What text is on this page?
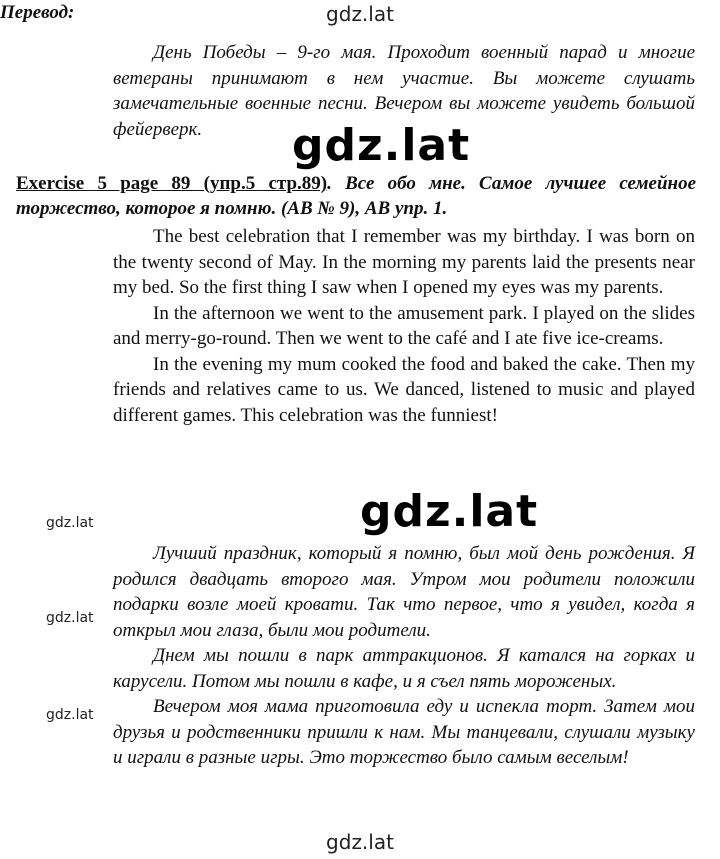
gdz.lat

День Победы – 9-го мая. Проходит военный парад и многие ветераны принимают в нем участие. Вы можете слушать замечательные военные песни. Вечером вы можете увидеть большой фейерверк.	gdz.lat
Exercise 5 page 89 (упр.5 стр.89). Все обо мне. Самое лучшее семейное торжество, которое я помню. (АВ № 9), АВ упр. 1.

The best celebration that I remember was my birthday. I was born on the twenty second of May. In the morning my parents laid the presents near my bed. So the first thing I saw when I opened my eyes was my parents.

In the afternoon we went to the amusement park. I played on the slides and merry-go-round. Then we went to the café and I ate five ice-creams.

In the evening my mum cooked the food and baked the cake. Then my friends and relatives came to us. We danced, listened to music and played different games. This celebration was the funniest!

gdz.lat
gdz.lat
gdz.lat
gdz.lat
Перевод:

Лучший праздник, который я помню, был мой день рождения. Я родился двадцать второго мая. Утром мои родители положили подарки возле моей кровати. Так что первое, что я увидел, когда я открыл мои глаза, были мои родители.

Днем мы пошли в парк аттракционов. Я катался на горках и карусели. Потом мы пошли в кафе, и я съел пять мороженых.

Вечером моя мама приготовила еду и испекла торт. Затем мои друзья и родственники пришли к нам. Мы танцевали, слушали музыку и играли в разные игры. Это торжество было самым веселым!

gdz.lat
